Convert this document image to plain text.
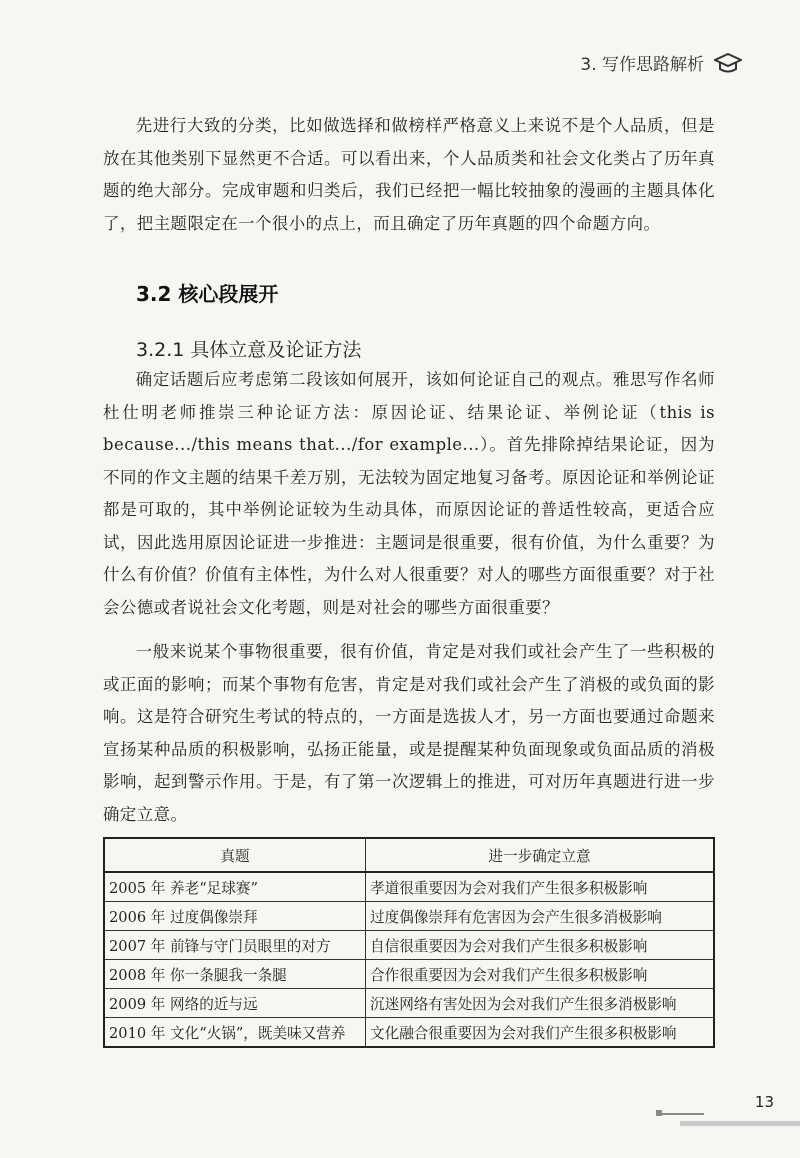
3. 写作思路解析

先进行大致的分类，比如做选择和做榜样严格意义上来说不是个人品质，但是放在其他类别下显然更不合适。可以看出来，个人品质类和社会文化类占了历年真题的绝大部分。完成审题和归类后，我们已经把一幅比较抽象的漫画的主题具体化了，把主题限定在一个很小的点上，而且确定了历年真题的四个命题方向。

3.2 核心段展开
3.2.1 具体立意及论证方法

确定话题后应考虑第二段该如何展开，该如何论证自己的观点。雅思写作名师杜仕明老师推崇三种论证方法：原因论证、结果论证、举例论证（this is because.../this means that.../for example...）。首先排除掉结果论证，因为不同的作文主题的结果千差万别，无法较为固定地复习备考。原因论证和举例论证都是可取的，其中举例论证较为生动具体，而原因论证的普适性较高，更适合应试，因此选用原因论证进一步推进：主题词是很重要，很有价值，为什么重要？为什么有价值？价值有主体性，为什么对人很重要？对人的哪些方面很重要？对于社会公德或者说社会文化考题，则是对社会的哪些方面很重要？

一般来说某个事物很重要，很有价值，肯定是对我们或社会产生了一些积极的或正面的影响；而某个事物有危害，肯定是对我们或社会产生了消极的或负面的影响。这是符合研究生考试的特点的，一方面是选拔人才，另一方面也要通过命题来宣扬某种品质的积极影响，弘扬正能量，或是提醒某种负面现象或负面品质的消极影响，起到警示作用。于是，有了第一次逻辑上的推进，可对历年真题进行进一步确定立意。

真题	进一步确定立意
2005 年 养老“足球赛”	孝道很重要因为会对我们产生很多积极影响
2006 年 过度偶像崇拜	过度偶像崇拜有危害因为会产生很多消极影响
2007 年 前锋与守门员眼里的对方	自信很重要因为会对我们产生很多积极影响
2008 年 你一条腿我一条腿	合作很重要因为会对我们产生很多积极影响
2009 年 网络的近与远	沉迷网络有害处因为会对我们产生很多消极影响
2010 年 文化“火锅”，既美味又营养	文化融合很重要因为会对我们产生很多积极影响
13
